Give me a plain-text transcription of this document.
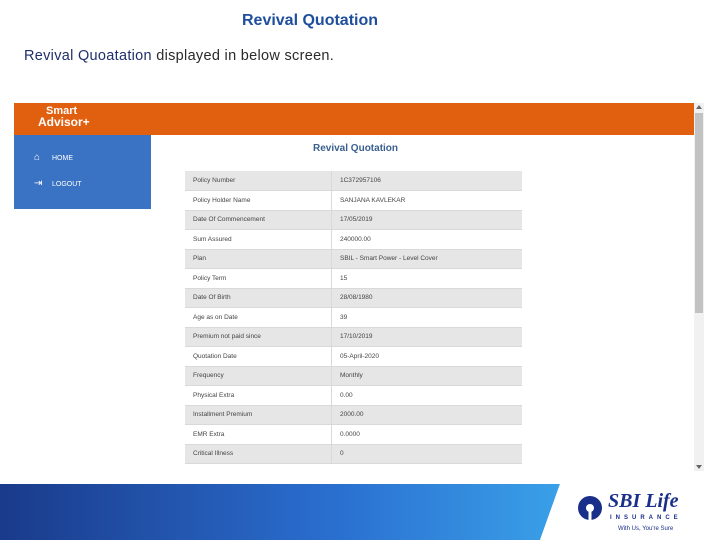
Revival Quotation
Revival Quoatation displayed in below screen.
Smart
Advisor+
⌂	HOME
⇥ LOGOUT
Revival Quotation
Policy Number	1C372957106
Policy Holder Name	SANJANA KAVLEKAR
Date Of Commencement	17/05/2019
Sum Assured	240000.00
Plan	SBIL - Smart Power - Level Cover
Policy Term	15
Date Of Birth	28/08/1980
Age as on Date	39
Premium not paid since	17/10/2019
Quotation Date	05-April-2020
Frequency	Monthly
Physical Extra	0.00
Installment Premium	2000.00
EMR Extra	0.0000
Critical Illness	0
SBI Life
INSURANCE
With Us, You're Sure
